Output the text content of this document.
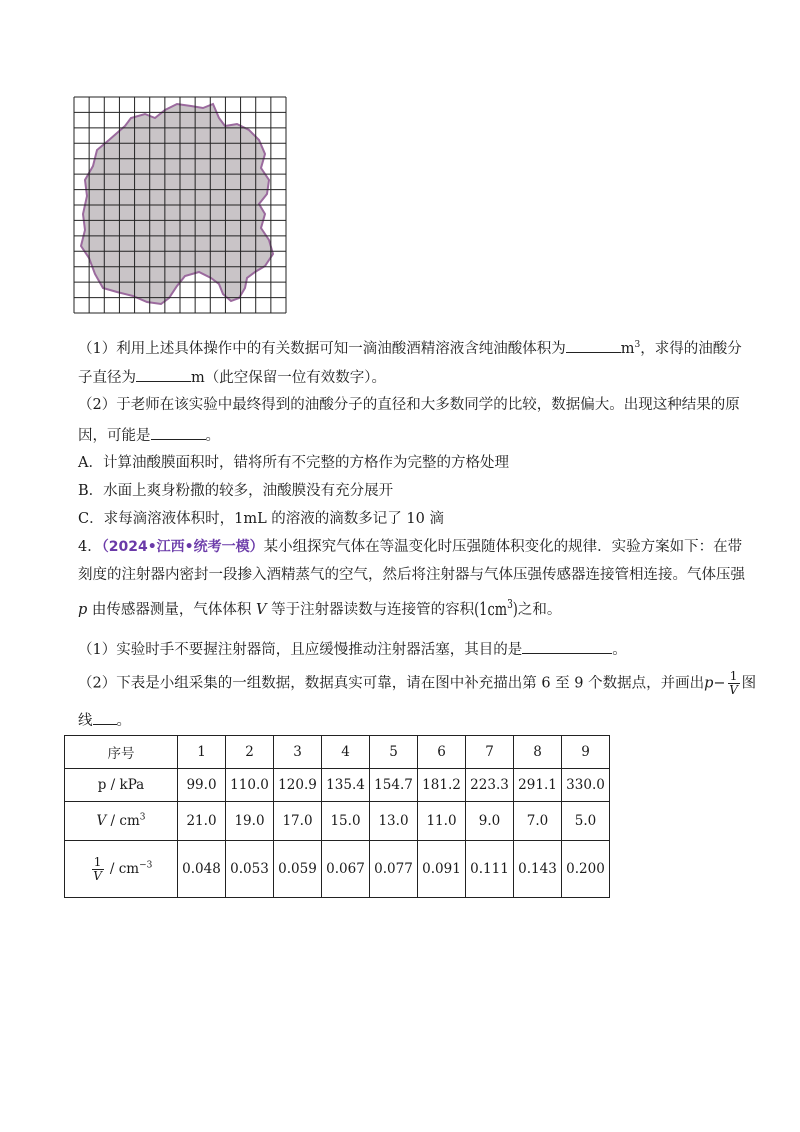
（1）利用上述具体操作中的有关数据可知一滴油酸酒精溶液含纯油酸体积为	$m^3$，求得的油酸分
子直径为	m（此空保留一位有效数字）。
（2）于老师在该实验中最终得到的油酸分子的直径和大多数同学的比较，数据偏大。出现这种结果的原
因，可能是	。
A．计算油酸膜面积时，错将所有不完整的方格作为完整的方格处理
B．水面上爽身粉撒的较多，油酸膜没有充分展开
C．求每滴溶液体积时，1mL 的溶液的滴数多记了 10 滴
4．（2024•江西•统考一模）某小组探究气体在等温变化时压强随体积变化的规律．实验方案如下：在带
刻度的注射器内密封一段掺入酒精蒸气的空气，然后将注射器与气体压强传感器连接管相连接。气体压强
p 由传感器测量，气体体积 V 等于注射器读数与连接管的容积$(1cm^3)$之和。
（1）实验时手不要握注射器筒，且应缓慢推动注射器活塞，其目的是	。
（2）下表是小组采集的一组数据，数据真实可靠，请在图中补充描出第 6 至 9 个数据点，并画出$p- \frac{1}{V}$ 图
线 。
序号	1	2	3	4	5	6	7	8	9
p / kPa	99.0	110.0	120.9	135.4	154.7	181.2	223.3	291.1	330.0
V / $cm^3$	21.0	19.0	17.0	15.0	13.0	11.0	9.0	7.0	5.0

$\frac{1}{V} / cm^{-3}$	0.048	0.053	0.059	0.067	0.077	0.091	0.111	0.143	0.200
